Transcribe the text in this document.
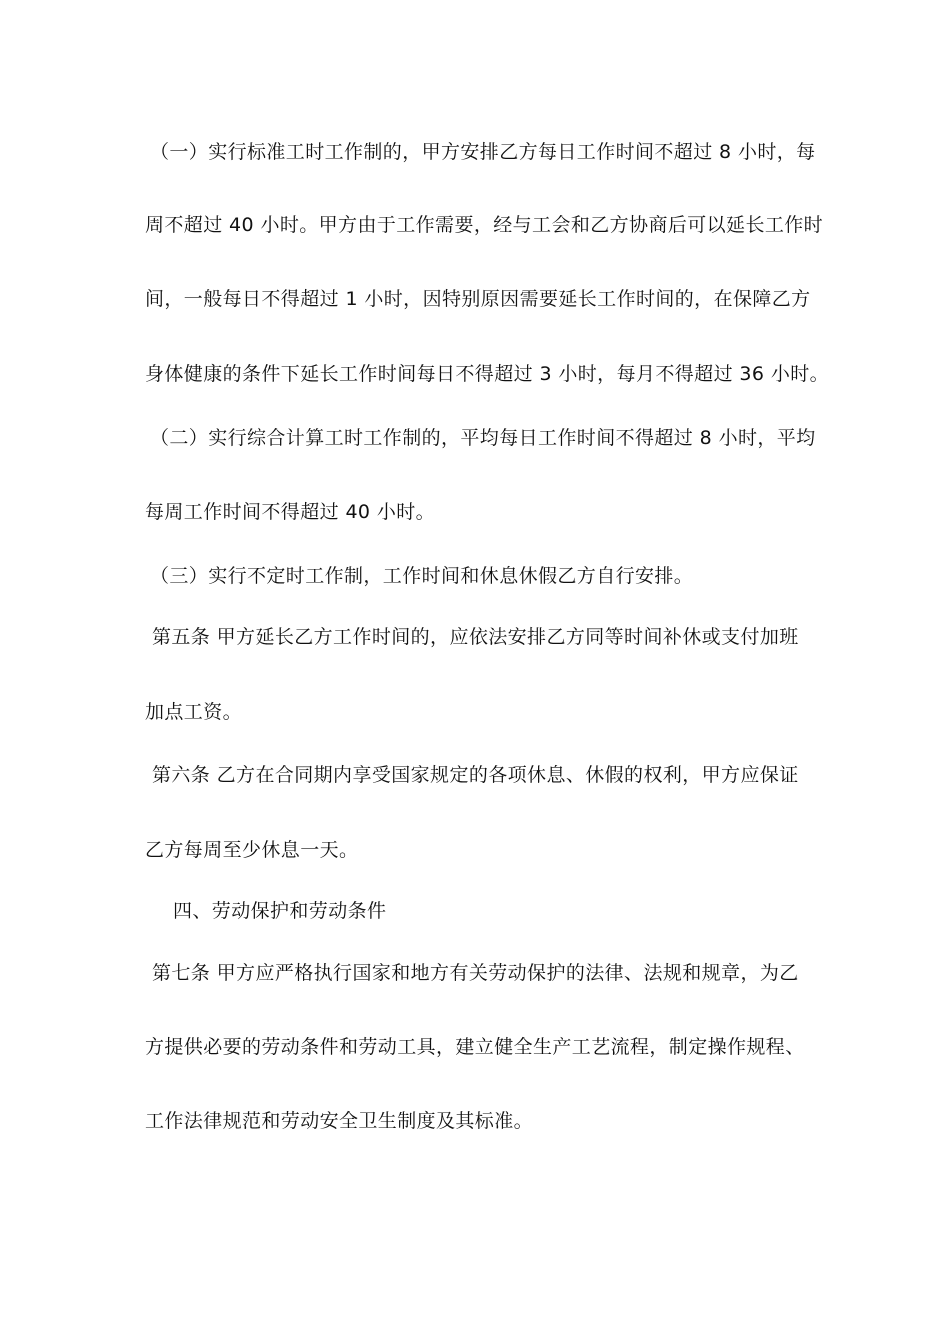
（一）实行标准工时工作制的，甲方安排乙方每日工作时间不超过 8 小时，每
周不超过 40 小时。甲方由于工作需要，经与工会和乙方协商后可以延长工作时
间，一般每日不得超过 1 小时，因特别原因需要延长工作时间的，在保障乙方
身体健康的条件下延长工作时间每日不得超过 3 小时，每月不得超过 36 小时。
（二）实行综合计算工时工作制的，平均每日工作时间不得超过 8 小时，平均
每周工作时间不得超过 40 小时。
（三）实行不定时工作制，工作时间和休息休假乙方自行安排。
第五条 甲方延长乙方工作时间的，应依法安排乙方同等时间补休或支付加班
加点工资。
第六条 乙方在合同期内享受国家规定的各项休息、休假的权利，甲方应保证
乙方每周至少休息一天。
四、劳动保护和劳动条件
第七条 甲方应严格执行国家和地方有关劳动保护的法律、法规和规章，为乙
方提供必要的劳动条件和劳动工具，建立健全生产工艺流程，制定操作规程、
工作法律规范和劳动安全卫生制度及其标准。
